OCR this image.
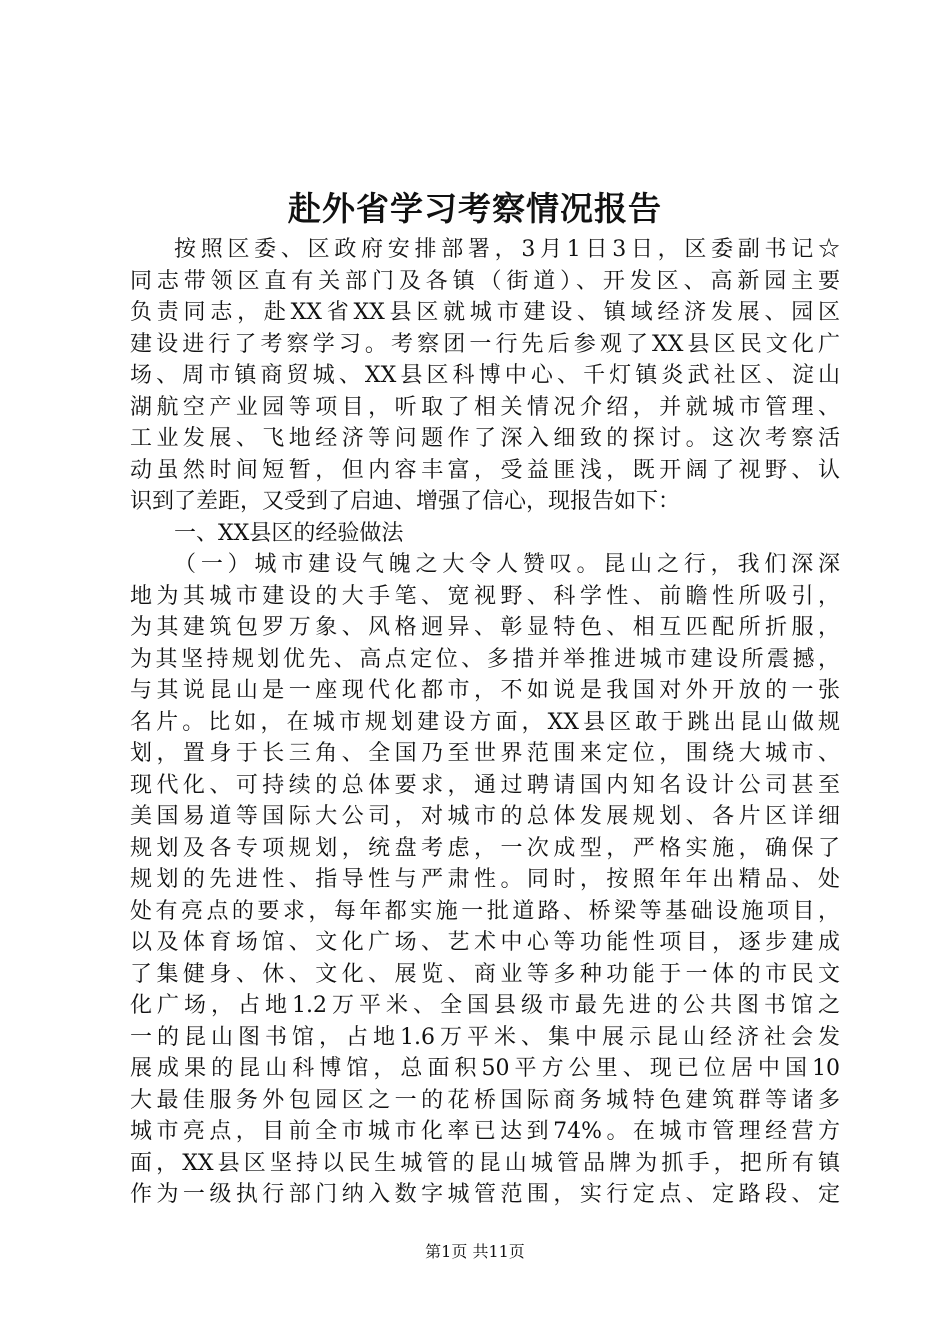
赴外省学习考察情况报告
按照区委、区政府安排部署，3月1日3日，区委副书记☆
同志带领区直有关部门及各镇（街道）、开发区、高新园主要
负责同志，赴XX省XX县区就城市建设、镇域经济发展、园区
建设进行了考察学习。考察团一行先后参观了XX县区民文化广
场、周市镇商贸城、XX县区科博中心、千灯镇炎武社区、淀山
湖航空产业园等项目，听取了相关情况介绍，并就城市管理、
工业发展、飞地经济等问题作了深入细致的探讨。这次考察活
动虽然时间短暂，但内容丰富，受益匪浅，既开阔了视野、认
识到了差距，又受到了启迪、增强了信心，现报告如下：
一、XX县区的经验做法
（一）城市建设气魄之大令人赞叹。昆山之行，我们深深
地为其城市建设的大手笔、宽视野、科学性、前瞻性所吸引，
为其建筑包罗万象、风格迥异、彰显特色、相互匹配所折服，
为其坚持规划优先、高点定位、多措并举推进城市建设所震撼，
与其说昆山是一座现代化都市，不如说是我国对外开放的一张
名片。比如，在城市规划建设方面，XX县区敢于跳出昆山做规
划，置身于长三角、全国乃至世界范围来定位，围绕大城市、
现代化、可持续的总体要求，通过聘请国内知名设计公司甚至
美国易道等国际大公司，对城市的总体发展规划、各片区详细
规划及各专项规划，统盘考虑，一次成型，严格实施，确保了
规划的先进性、指导性与严肃性。同时，按照年年出精品、处
处有亮点的要求，每年都实施一批道路、桥梁等基础设施项目，
以及体育场馆、文化广场、艺术中心等功能性项目，逐步建成
了集健身、休、文化、展览、商业等多种功能于一体的市民文
化广场，占地1.2万平米、全国县级市最先进的公共图书馆之
一的昆山图书馆，占地1.6万平米、集中展示昆山经济社会发
展成果的昆山科博馆，总面积50平方公里、现已位居中国10
大最佳服务外包园区之一的花桥国际商务城特色建筑群等诸多
城市亮点，目前全市城市化率已达到74%。在城市管理经营方
面，XX县区坚持以民生城管的昆山城管品牌为抓手，把所有镇
作为一级执行部门纳入数字城管范围，实行定点、定路段、定
第1页 共11页
